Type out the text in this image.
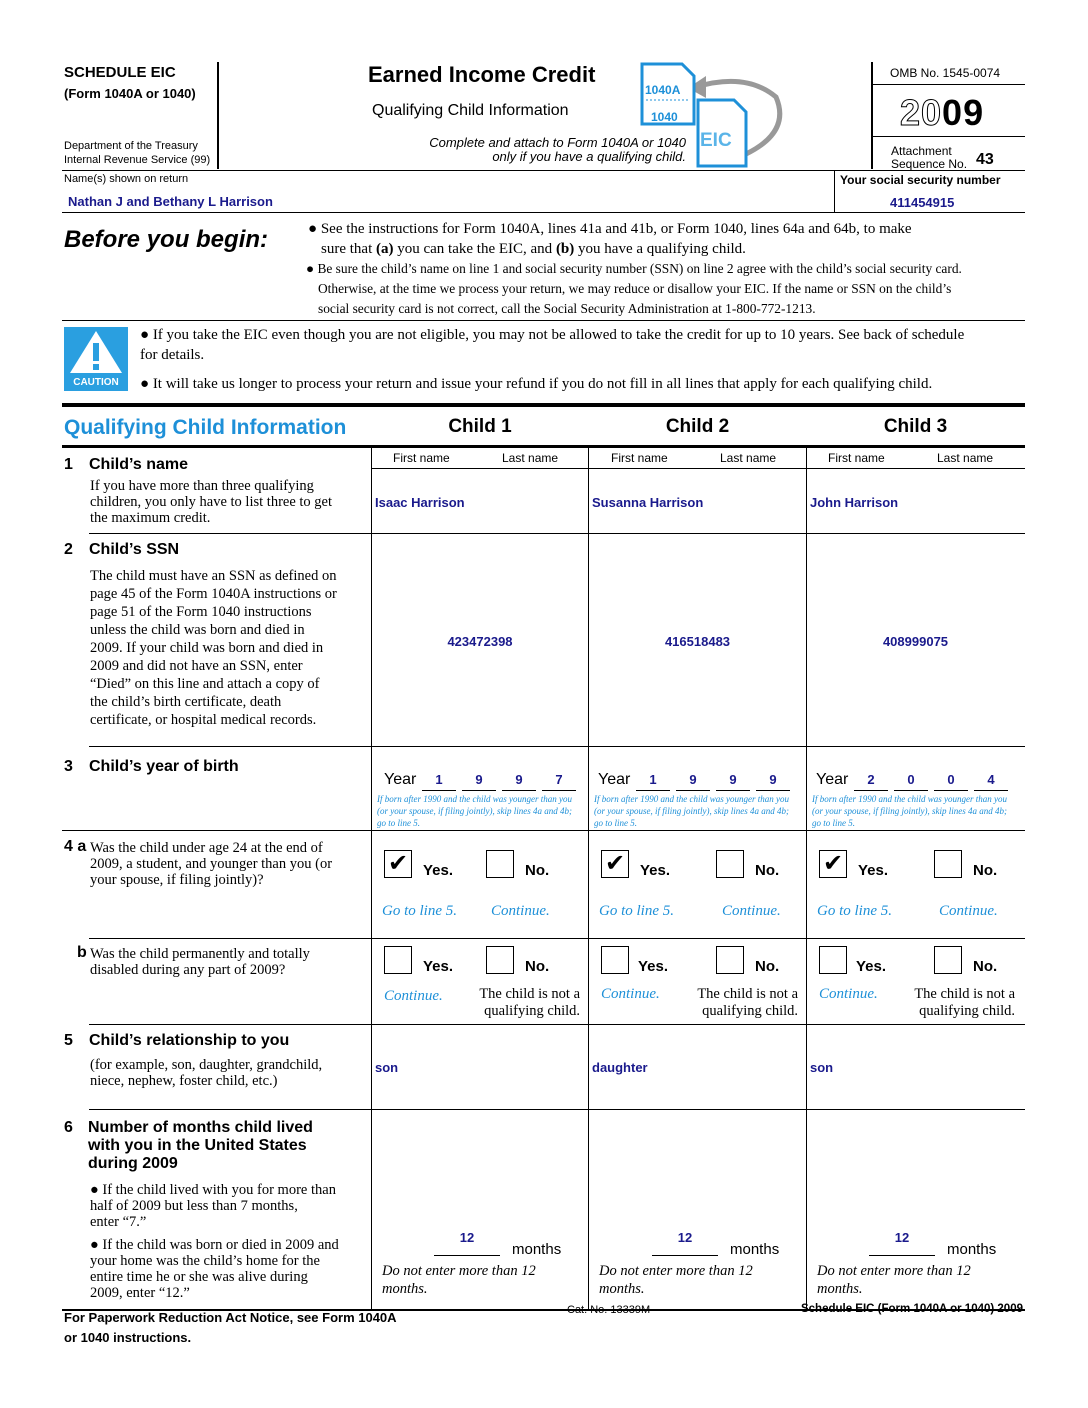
SCHEDULE EIC
(Form 1040A or 1040)
Department of the Treasury
Internal Revenue Service (99)
Earned Income Credit
Qualifying Child Information
Complete and attach to Form 1040A or 1040
only if you have a qualifying child.
1040A
1040
EIC
OMB No. 1545-0074
2009
Attachment
Sequence No. 43
Name(s) shown on return
Nathan J and Bethany L Harrison
Your social security number
411454915
Before you begin:	● See the instructions for Form 1040A, lines 41a and 41b, or Form 1040, lines 64a and 64b, to make
sure that (a) you can take the EIC, and (b) you have a qualifying child.
● Be sure the child’s name on line 1 and social security number (SSN) on line 2 agree with the child’s social security card.
Otherwise, at the time we process your return, we may reduce or disallow your EIC. If the name or SSN on the child’s
social security card is not correct, call the Social Security Administration at 1-800-772-1213.
CAUTION
● If you take the EIC even though you are not eligible, you may not be allowed to take the credit for up to 10 years. See back of schedule
for details.
● It will take us longer to process your return and issue your refund if you do not fill in all lines that apply for each qualifying child.
Qualifying Child Information	Child 1	Child 2	Child 3
First name	Last name	First name	Last name	First name	Last name
1 Child’s name
If you have more than three qualifying
children, you only have to list three to get
the maximum credit.
Isaac Harrison	Susanna Harrison	John Harrison
2 Child’s SSN
The child must have an SSN as defined on
page 45 of the Form 1040A instructions or
page 51 of the Form 1040 instructions
unless the child was born and died in
2009. If your child was born and died in
2009 and did not have an SSN, enter
“Died” on this line and attach a copy of
the child’s birth certificate, death
certificate, or hospital medical records.
423472398	416518483	408999075
3 Child’s year of birth
Year	1	9	9	7
If born after 1990 and the child was younger than you
(or your spouse, if filing jointly), skip lines 4a and 4b;
go to line 5.
Year	1	9	9	9
If born after 1990 and the child was younger than you
(or your spouse, if filing jointly), skip lines 4a and 4b;
go to line 5.
Year	2	0	0	4
If born after 1990 and the child was younger than you
(or your spouse, if filing jointly), skip lines 4a and 4b;
go to line 5.
4 a Was the child under age 24 at the end of
2009, a student, and younger than you (or
your spouse, if filing jointly)?
✔ Yes.	No.
Go to line 5. Continue.
✔ Yes.	No.
Go to line 5.	Continue.
✔ Yes.	No.
Go to line 5.	Continue.
b Was the child permanently and totally
disabled during any part of 2009?	Yes.	No.
Continue.	The child is not a
qualifying child.
Yes.	No.
Continue.	The child is not a
qualifying child.
Yes.	No.
Continue.	The child is not a
qualifying child.
5 Child’s relationship to you
(for example, son, daughter, grandchild,
niece, nephew, foster child, etc.)
son	daughter	son
6 Number of months child lived
with you in the United States
during 2009
● If the child lived with you for more than
half of 2009 but less than 7 months,
enter “7.”
● If the child was born or died in 2009 and
your home was the child’s home for the
entire time he or she was alive during
2009, enter “12.”
12
months
Do not enter more than 12
months.
12
months
Do not enter more than 12
months.
12
months
Do not enter more than 12
months.
For Paperwork Reduction Act Notice, see Form 1040A
or 1040 instructions.
Cat. No. 13339M	Schedule EIC (Form 1040A or 1040) 2009
